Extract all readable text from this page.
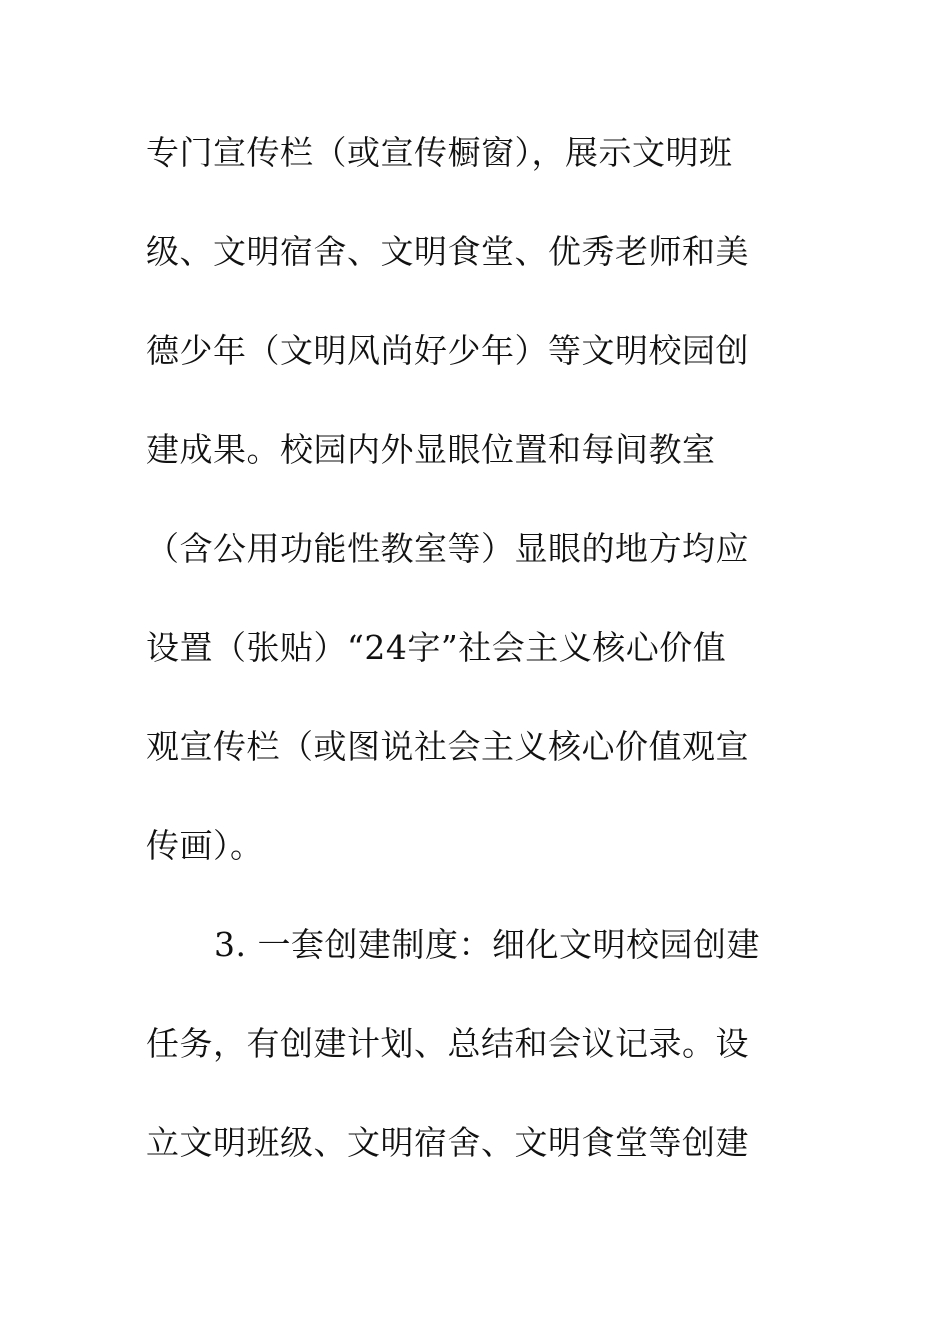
专门宣传栏（或宣传橱窗），展示文明班
级、文明宿舍、文明食堂、优秀老师和美
德少年（文明风尚好少年）等文明校园创
建成果。校园内外显眼位置和每间教室
（含公用功能性教室等）显眼的地方均应
设置（张贴）“24字”社会主义核心价值
观宣传栏（或图说社会主义核心价值观宣
传画）。
3. 一套创建制度：细化文明校园创建
任务，有创建计划、总结和会议记录。设
立文明班级、文明宿舍、文明食堂等创建
